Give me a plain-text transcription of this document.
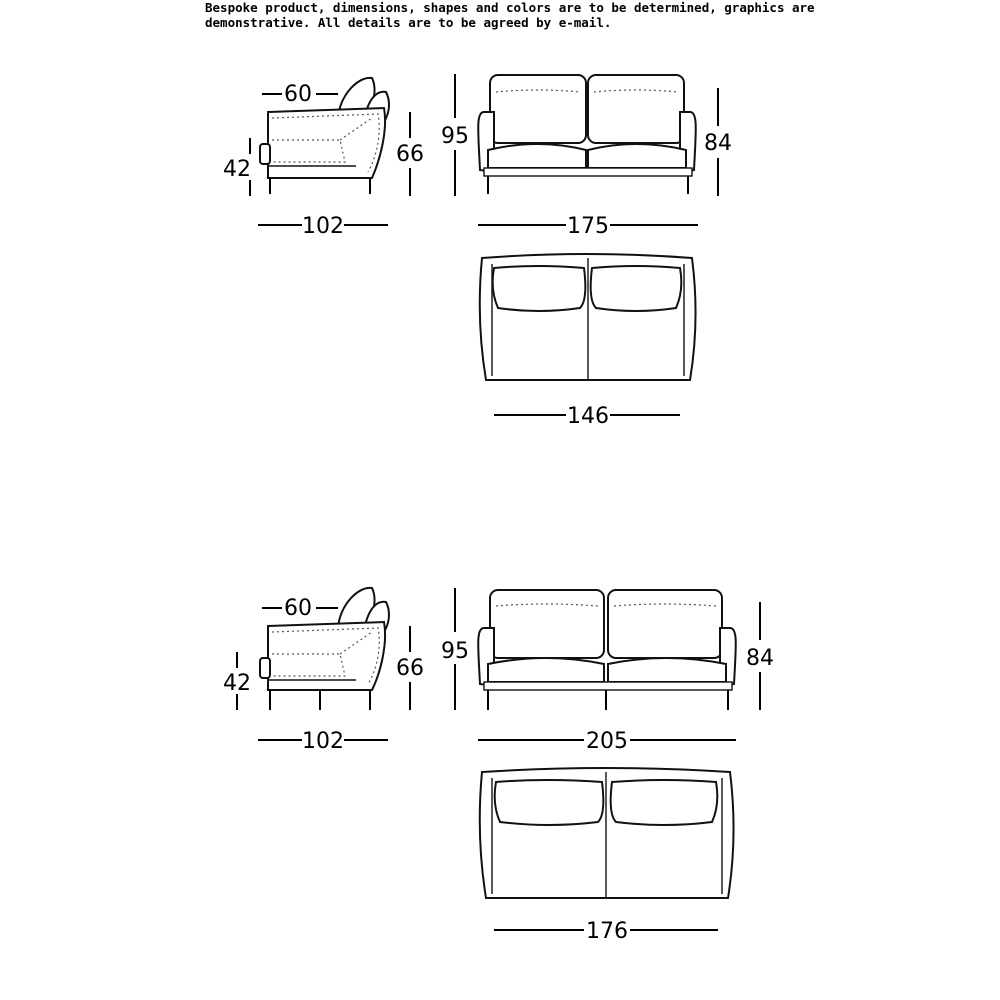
Bespoke product, dimensions, shapes and colors are to be determined, graphics are
demonstrative. All details are to be agreed by e-mail.
60
42
66
102
95	84
175
146
60
42
66
102
95	84
205
176
